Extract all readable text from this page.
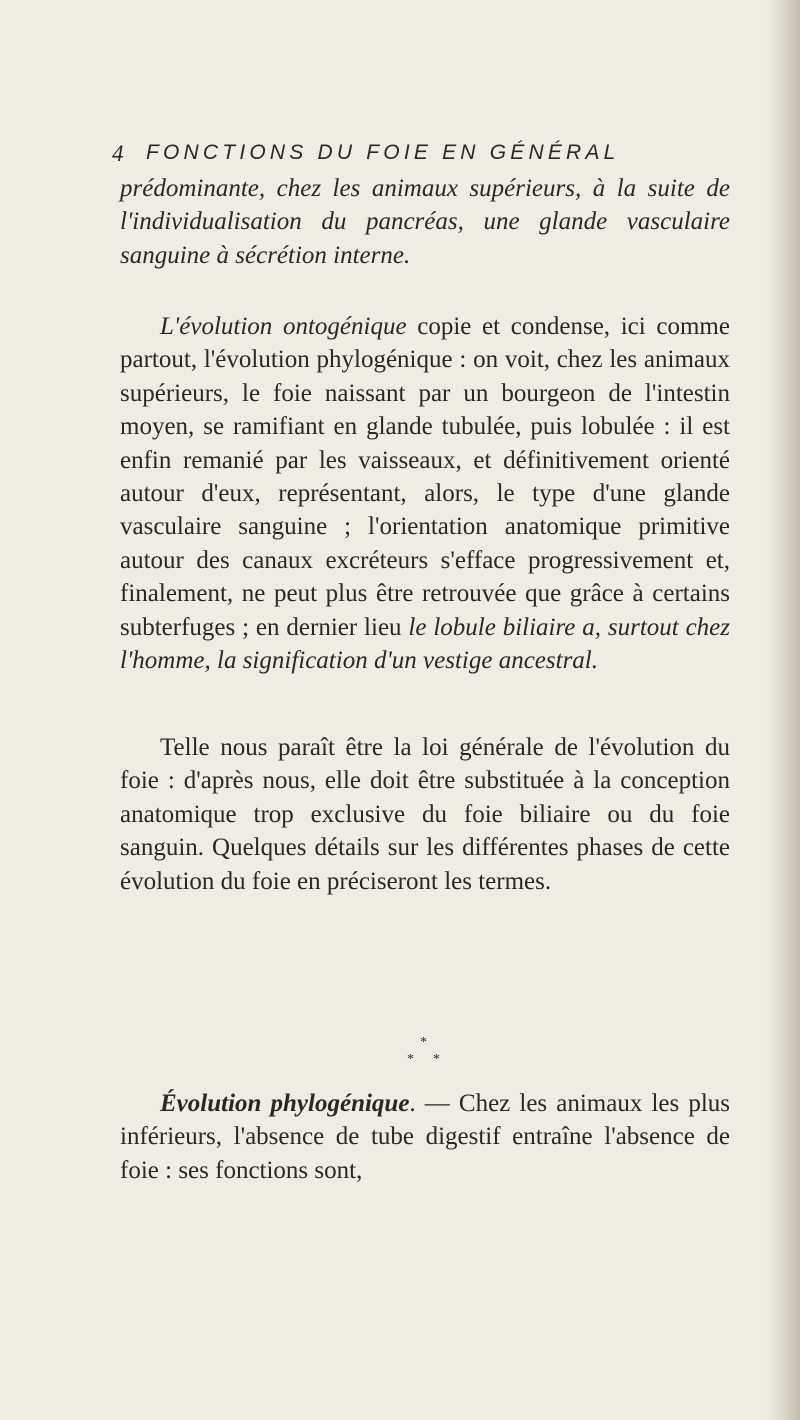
4 FONCTIONS DU FOIE EN GÉNÉRAL

prédominante, chez les animaux supérieurs, à la suite de l'individualisation du pancréas, une glande vasculaire sanguine à sécrétion interne.

L'évolution ontogénique copie et condense, ici comme partout, l'évolution phylogénique : on voit, chez les animaux supérieurs, le foie naissant par un bourgeon de l'intestin moyen, se ramifiant en glande tubulée, puis lobulée : il est enfin remanié par les vaisseaux, et définitivement orienté autour d'eux, représentant, alors, le type d'une glande vasculaire sanguine ; l'orientation anatomique primitive autour des canaux excréteurs s'efface progressivement et, finalement, ne peut plus être retrouvée que grâce à certains subterfuges ; en dernier lieu le lobule biliaire a, surtout chez l'homme, la signification d'un vestige ancestral.

Telle nous paraît être la loi générale de l'évolution du foie : d'après nous, elle doit être substituée à la conception anatomique trop exclusive du foie biliaire ou du foie sanguin. Quelques détails sur les différentes phases de cette évolution du foie en préciseront les termes.

*
* *

Évolution phylogénique. — Chez les animaux les plus inférieurs, l'absence de tube digestif entraîne l'absence de foie : ses fonctions sont,
